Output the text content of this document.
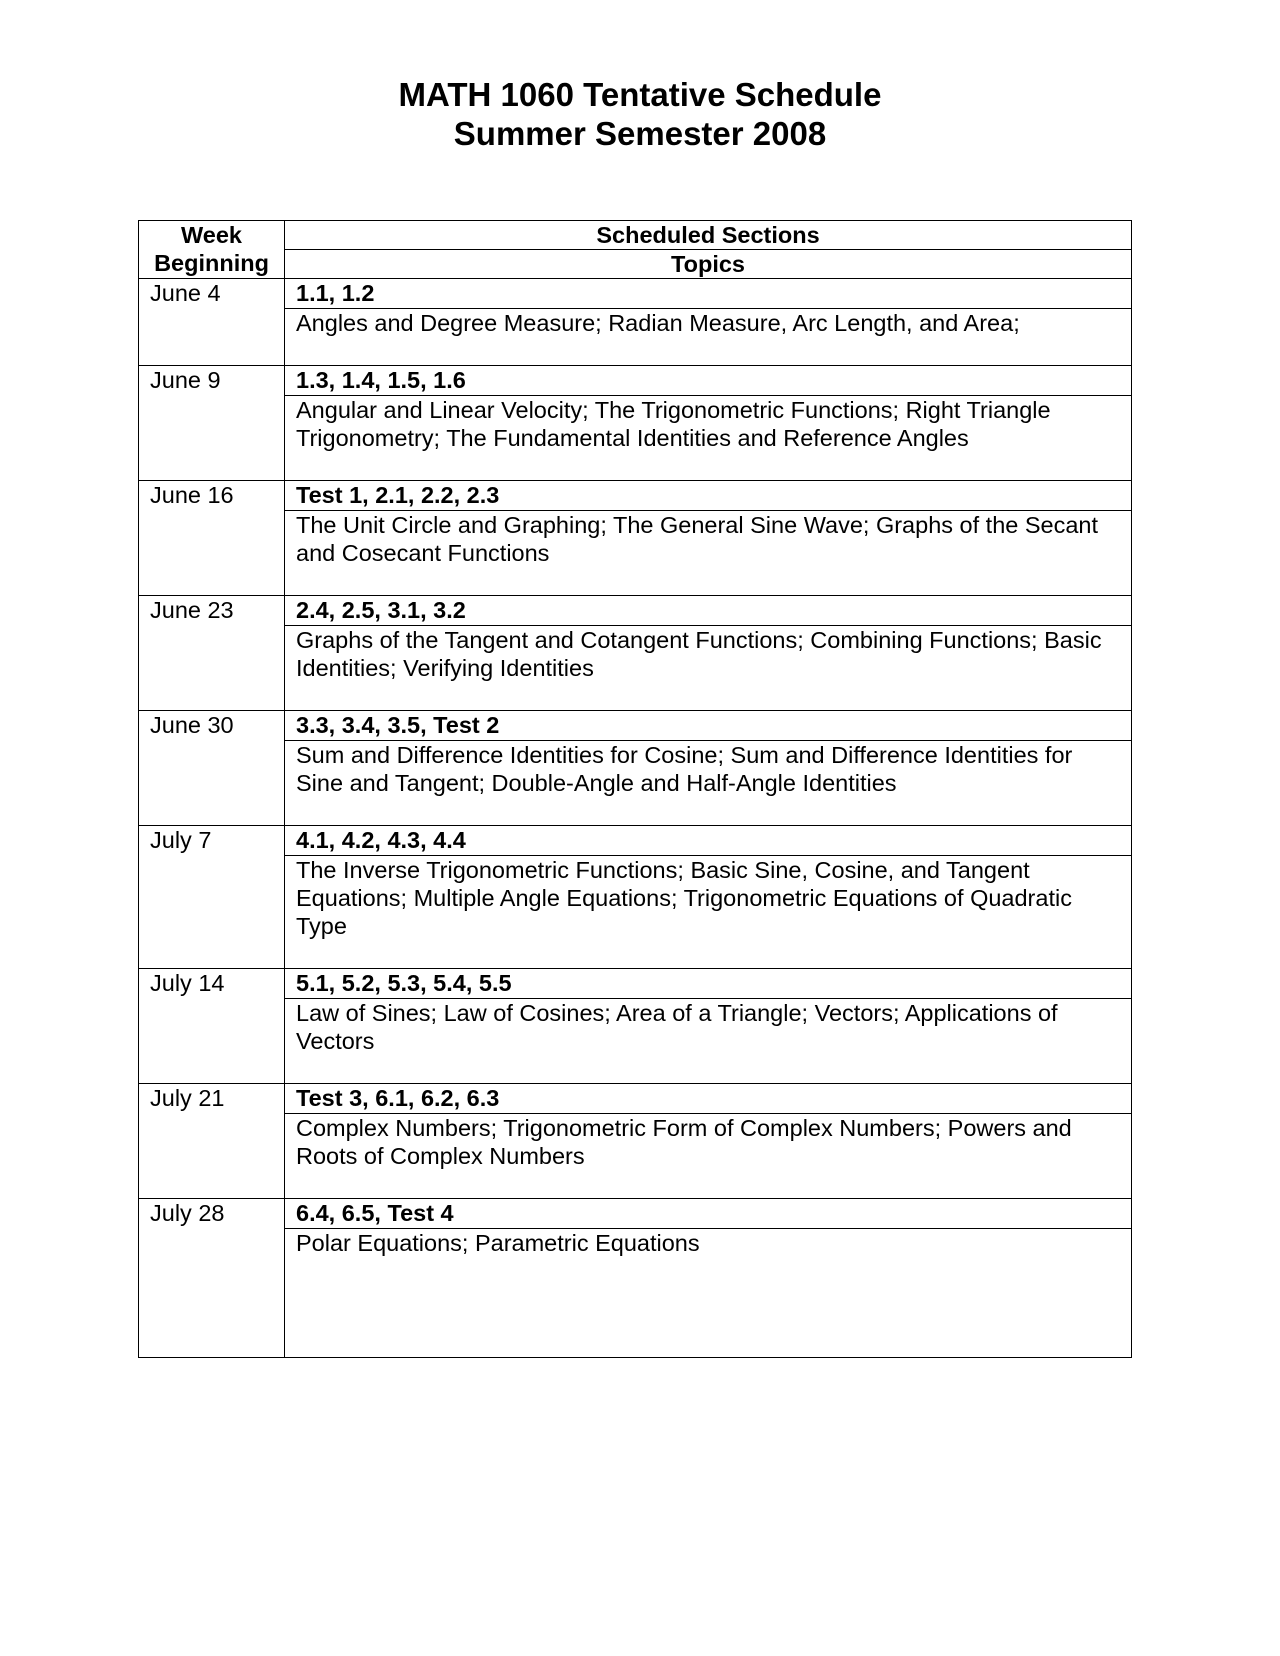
MATH 1060 Tentative Schedule
Summer Semester 2008
Week Beginning	Scheduled Sections
	Topics
June 4	1.1, 1.2
	Angles and Degree Measure; Radian Measure, Arc Length, and Area;
June 9	1.3, 1.4, 1.5, 1.6
	Angular and Linear Velocity; The Trigonometric Functions; Right Triangle Trigonometry; The Fundamental Identities and Reference Angles
June 16	Test 1, 2.1, 2.2, 2.3
	The Unit Circle and Graphing; The General Sine Wave; Graphs of the Secant and Cosecant Functions
June 23	2.4, 2.5, 3.1, 3.2
	Graphs of the Tangent and Cotangent Functions; Combining Functions; Basic Identities; Verifying Identities
June 30	3.3, 3.4, 3.5, Test 2
	Sum and Difference Identities for Cosine; Sum and Difference Identities for Sine and Tangent; Double-Angle and Half-Angle Identities
July 7	4.1, 4.2, 4.3, 4.4
	The Inverse Trigonometric Functions; Basic Sine, Cosine, and Tangent Equations; Multiple Angle Equations; Trigonometric Equations of Quadratic Type
July 14	5.1, 5.2, 5.3, 5.4, 5.5
	Law of Sines; Law of Cosines; Area of a Triangle; Vectors; Applications of Vectors
July 21	Test 3, 6.1, 6.2, 6.3
	Complex Numbers; Trigonometric Form of Complex Numbers; Powers and Roots of Complex Numbers
July 28	6.4, 6.5, Test 4
	Polar Equations; Parametric Equations
